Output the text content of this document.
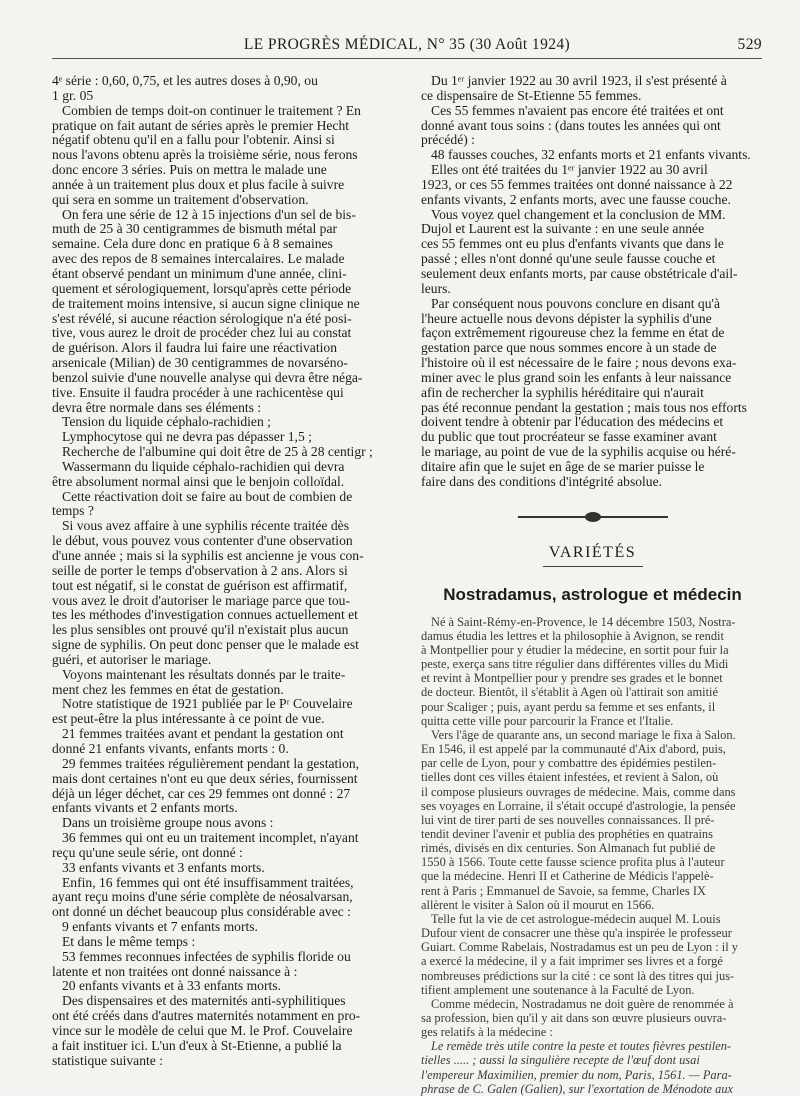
LE PROGRÈS MÉDICAL, N° 35 (30 Août 1924)	529

4ᵉ série : 0,60, 0,75, et les autres doses à 0,90, ou

1 gr. 05

Combien de temps doit-on continuer le traitement ? En

pratique on fait autant de séries après le premier Hecht

négatif obtenu qu'il en a fallu pour l'obtenir. Ainsi si

nous l'avons obtenu après la troisième série, nous ferons

donc encore 3 séries. Puis on mettra le malade une

année à un traitement plus doux et plus facile à suivre

qui sera en somme un traitement d'observation.

On fera une série de 12 à 15 injections d'un sel de bis-

muth de 25 à 30 centigrammes de bismuth métal par

semaine. Cela dure donc en pratique 6 à 8 semaines

avec des repos de 8 semaines intercalaires. Le malade

étant observé pendant un minimum d'une année, clini-

quement et sérologiquement, lorsqu'après cette période

de traitement moins intensive, si aucun signe clinique ne

s'est révélé, si aucune réaction sérologique n'a été posi-

tive, vous aurez le droit de procéder chez lui au constat

de guérison. Alors il faudra lui faire une réactivation

arsenicale (Milian) de 30 centigrammes de novarséno-

benzol suivie d'une nouvelle analyse qui devra être néga-

tive. Ensuite il faudra procéder à une rachicentèse qui

devra être normale dans ses éléments :

Tension du liquide céphalo-rachidien ;

Lymphocytose qui ne devra pas dépasser 1,5 ;

Recherche de l'albumine qui doit être de 25 à 28 centigr ;

Wassermann du liquide céphalo-rachidien qui devra

être absolument normal ainsi que le benjoin colloïdal.

Cette réactivation doit se faire au bout de combien de

temps ?

Si vous avez affaire à une syphilis récente traitée dès

le début, vous pouvez vous contenter d'une observation

d'une année ; mais si la syphilis est ancienne je vous con-

seille de porter le temps d'observation à 2 ans. Alors si

tout est négatif, si le constat de guérison est affirmatif,

vous avez le droit d'autoriser le mariage parce que tou-

tes les méthodes d'investigation connues actuellement et

les plus sensibles ont prouvé qu'il n'existait plus aucun

signe de syphilis. On peut donc penser que le malade est

guéri, et autoriser le mariage.

Voyons maintenant les résultats donnés par le traite-

ment chez les femmes en état de gestation.

Notre statistique de 1921 publiée par le Pʳ Couvelaire

est peut-être la plus intéressante à ce point de vue.

21 femmes traitées avant et pendant la gestation ont

donné 21 enfants vivants, enfants morts : 0.

29 femmes traitées régulièrement pendant la gestation,

mais dont certaines n'ont eu que deux séries, fournissent

déjà un léger déchet, car ces 29 femmes ont donné : 27

enfants vivants et 2 enfants morts.

Dans un troisième groupe nous avons :

36 femmes qui ont eu un traitement incomplet, n'ayant

reçu qu'une seule série, ont donné :

33 enfants vivants et 3 enfants morts.

Enfin, 16 femmes qui ont été insuffisamment traitées,

ayant reçu moins d'une série complète de néosalvarsan,

ont donné un déchet beaucoup plus considérable avec :

9 enfants vivants et 7 enfants morts.

Et dans le même temps :

53 femmes reconnues infectées de syphilis floride ou

latente et non traitées ont donné naissance à :

20 enfants vivants et à 33 enfants morts.

Des dispensaires et des maternités anti-syphilitiques

ont été créés dans d'autres maternités notamment en pro-

vince sur le modèle de celui que M. le Prof. Couvelaire

a fait instituer ici. L'un d'eux à St-Etienne, a publié la

statistique suivante :

Du 1ᵉʳ janvier 1922 au 30 avril 1923, il s'est présenté à

ce dispensaire de St-Etienne 55 femmes.

Ces 55 femmes n'avaient pas encore été traitées et ont

donné avant tous soins : (dans toutes les années qui ont

précédé) :

48 fausses couches, 32 enfants morts et 21 enfants vivants.

Elles ont été traitées du 1ᵉʳ janvier 1922 au 30 avril

1923, or ces 55 femmes traitées ont donné naissance à 22

enfants vivants, 2 enfants morts, avec une fausse couche.

Vous voyez quel changement et la conclusion de MM.

Dujol et Laurent est la suivante : en une seule année

ces 55 femmes ont eu plus d'enfants vivants que dans le

passé ; elles n'ont donné qu'une seule fausse couche et

seulement deux enfants morts, par cause obstétricale d'ail-

leurs.

Par conséquent nous pouvons conclure en disant qu'à

l'heure actuelle nous devons dépister la syphilis d'une

façon extrêmement rigoureuse chez la femme en état de

gestation parce que nous sommes encore à un stade de

l'histoire où il est nécessaire de le faire ; nous devons exa-

miner avec le plus grand soin les enfants à leur naissance

afin de rechercher la syphilis héréditaire qui n'aurait

pas été reconnue pendant la gestation ; mais tous nos efforts

doivent tendre à obtenir par l'éducation des médecins et

du public que tout procréateur se fasse examiner avant

le mariage, au point de vue de la syphilis acquise ou héré-

ditaire afin que le sujet en âge de se marier puisse le

faire dans des conditions d'intégrité absolue.

VARIÉTÉS
Nostradamus, astrologue et médecin

Né à Saint-Rémy-en-Provence, le 14 décembre 1503, Nostra-

damus étudia les lettres et la philosophie à Avignon, se rendit

à Montpellier pour y étudier la médecine, en sortit pour fuir la

peste, exerça sans titre régulier dans différentes villes du Midi

et revint à Montpellier pour y prendre ses grades et le bonnet

de docteur. Bientôt, il s'établit à Agen où l'attirait son amitié

pour Scaliger ; puis, ayant perdu sa femme et ses enfants, il

quitta cette ville pour parcourir la France et l'Italie.

Vers l'âge de quarante ans, un second mariage le fixa à Salon.

En 1546, il est appelé par la communauté d'Aix d'abord, puis,

par celle de Lyon, pour y combattre des épidémies pestilen-

tielles dont ces villes étaient infestées, et revient à Salon, où

il compose plusieurs ouvrages de médecine. Mais, comme dans

ses voyages en Lorraine, il s'était occupé d'astrologie, la pensée

lui vint de tirer parti de ses nouvelles connaissances. Il pré-

tendit deviner l'avenir et publia des prophéties en quatrains

rimés, divisés en dix centuries. Son Almanach fut publié de

1550 à 1566. Toute cette fausse science profita plus à l'auteur

que la médecine. Henri II et Catherine de Médicis l'appelè-

rent à Paris ; Emmanuel de Savoie, sa femme, Charles IX

allèrent le visiter à Salon où il mourut en 1566.

Telle fut la vie de cet astrologue-médecin auquel M. Louis

Dufour vient de consacrer une thèse qu'a inspirée le professeur

Guiart. Comme Rabelais, Nostradamus est un peu de Lyon : il y

a exercé la médecine, il y a fait imprimer ses livres et a forgé

nombreuses prédictions sur la cité : ce sont là des titres qui jus-

tifient amplement une soutenance à la Faculté de Lyon.

Comme médecin, Nostradamus ne doit guère de renommée à

sa profession, bien qu'il y ait dans son œuvre plusieurs ouvra-

ges relatifs à la médecine :

Le remède très utile contre la peste et toutes fièvres pestilen-

tielles ..... ; aussi la singulière recepte de l'œuf dont usai

l'empereur Maximilien, premier du nom, Paris, 1561. — Para-

phrase de C. Galen (Galien), sur l'exortation de Ménodote aux
